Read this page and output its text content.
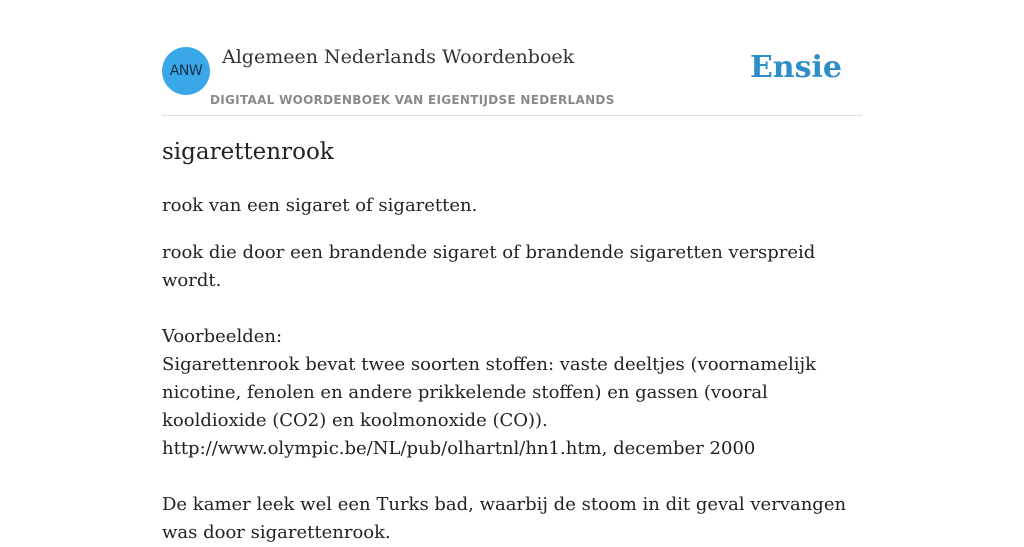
ANW
Algemeen Nederlands Woordenboek
DIGITAAL WOORDENBOEK VAN EIGENTIJDSE NEDERLANDS
Ensie
sigarettenrook
rook van een sigaret of sigaretten.

rook die door een brandende sigaret of brandende sigaretten verspreid wordt.

Voorbeelden:

Sigarettenrook bevat twee soorten stoffen: vaste deeltjes (voornamelijk nicotine, fenolen en andere prikkelende stoffen) en gassen (vooral kooldioxide (CO2) en koolmonoxide (CO)).

http://www.olympic.be/NL/pub/olhartnl/hn1.htm, december 2000

De kamer leek wel een Turks bad, waarbij de stoom in dit geval vervangen was door sigarettenrook.
